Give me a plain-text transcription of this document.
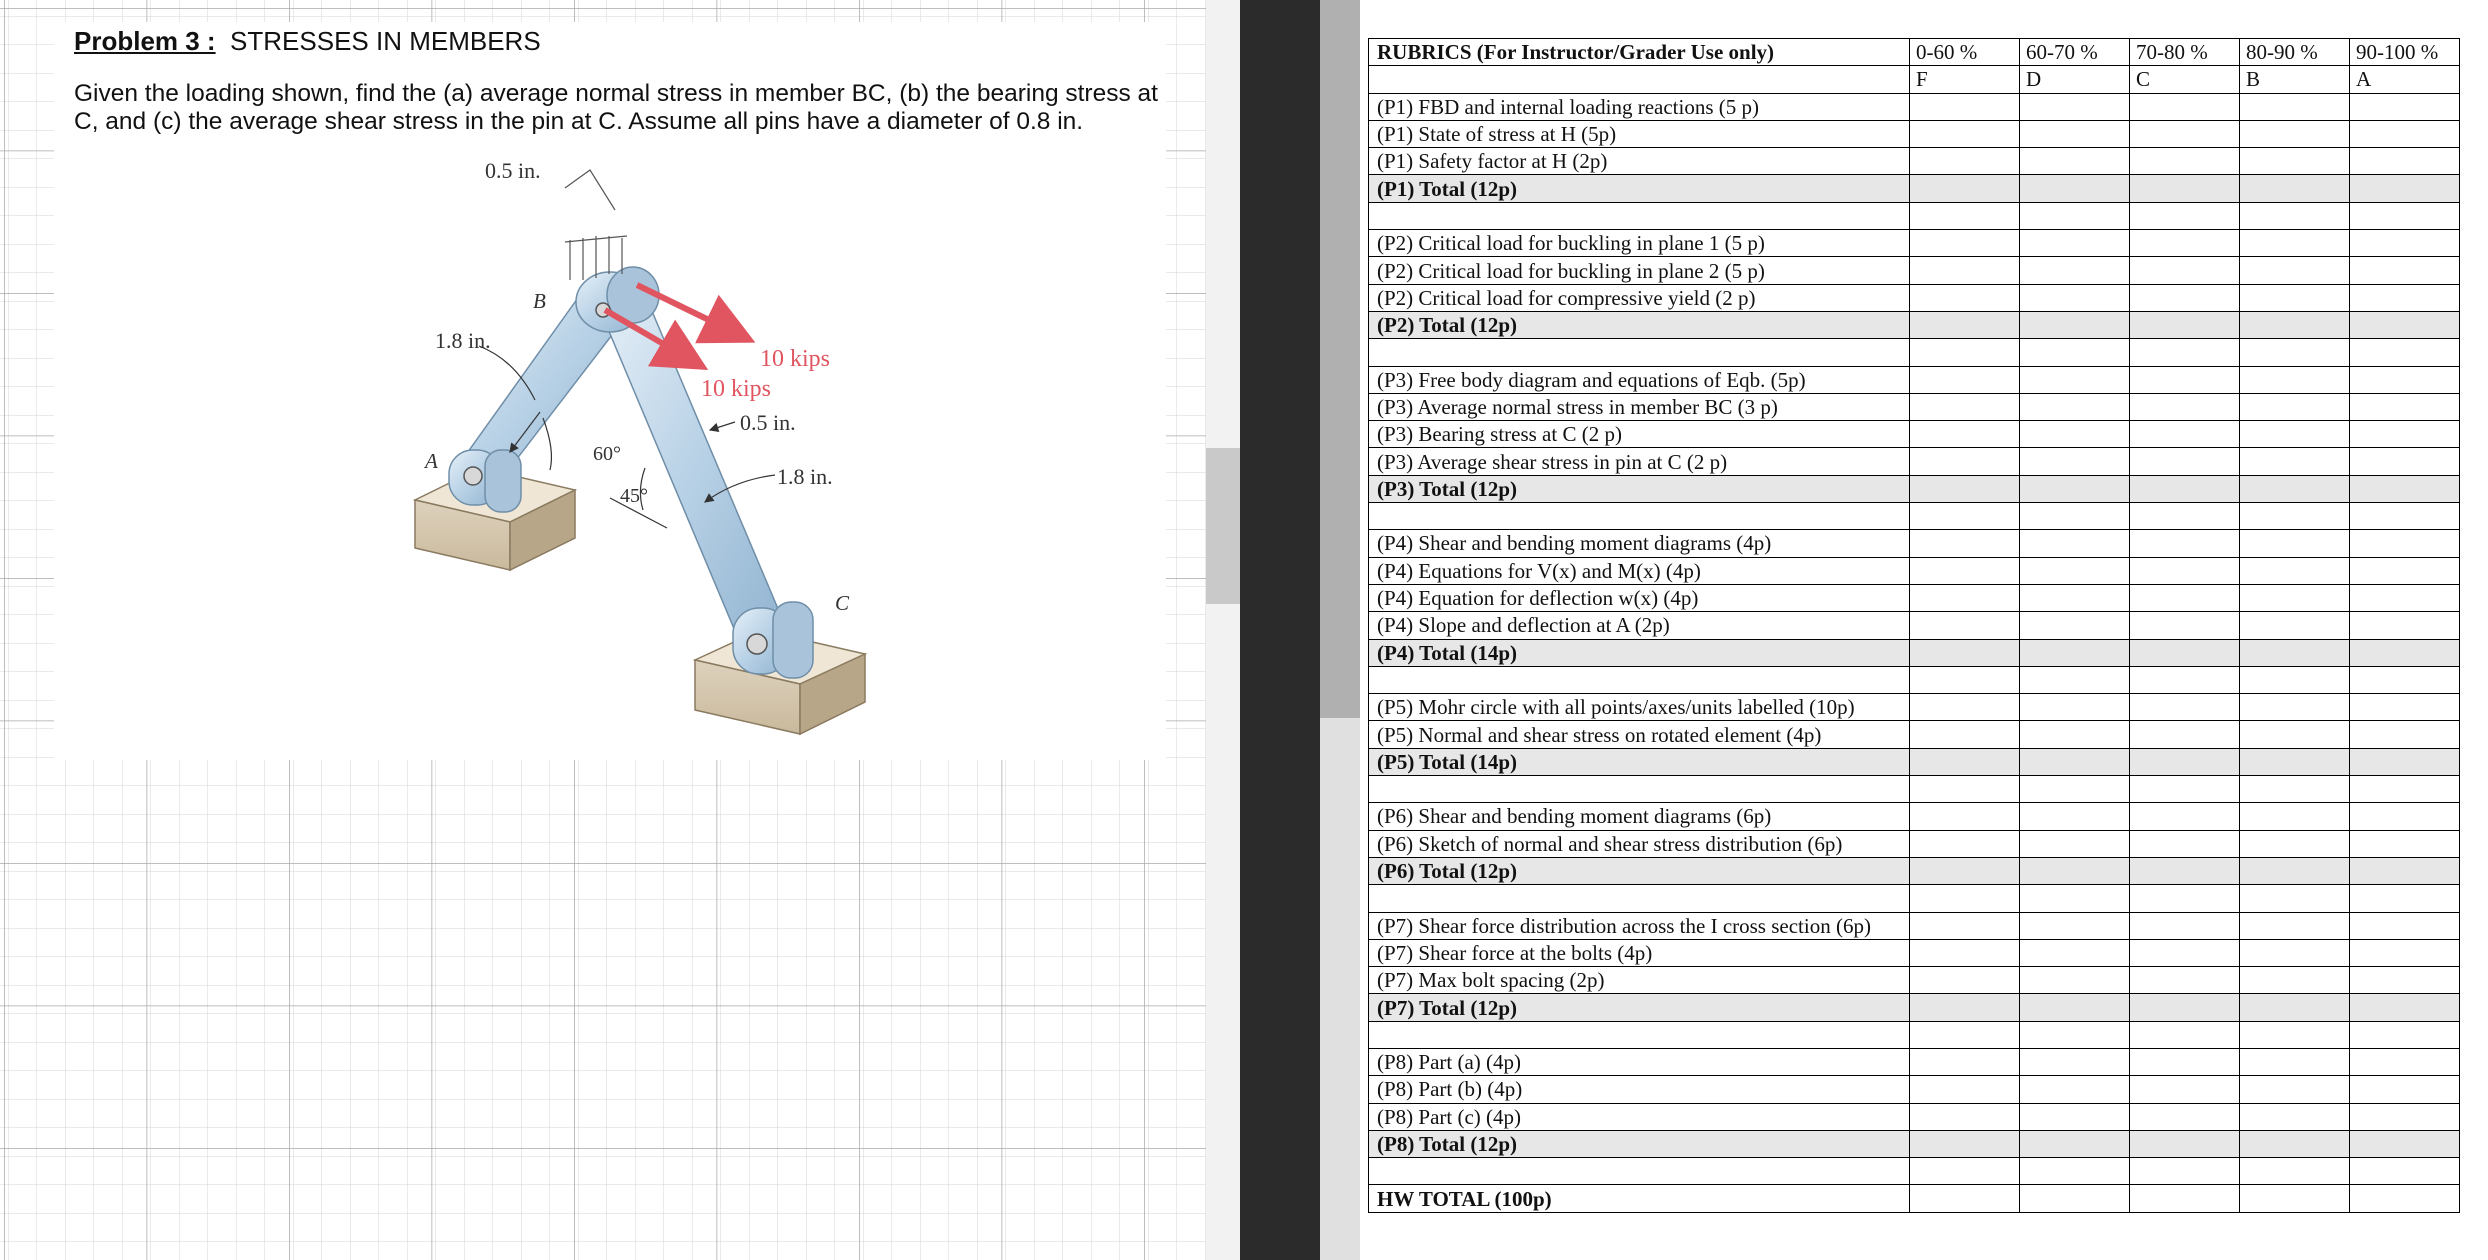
Problem 3 : STRESSES IN MEMBERS
Given the loading shown, find the (a) average normal stress in member BC, (b) the bearing stress at C, and (c) the average shear stress in the pin at C. Assume all pins have a diameter of 0.8 in.
0.5 in.
1.8 in.
B
A
C
10 kips
10 kips
0.5 in.
1.8 in.
60°
45°
RUBRICS (For Instructor/Grader Use only)	0-60 %	60-70 %	70-80 %	80-90 %	90-100 %
	F	D	C	B	A
(P1) FBD and internal loading reactions (5 p)					
(P1) State of stress at H (5p)					
(P1) Safety factor at H (2p)					
(P1) Total (12p)					

(P2) Critical load for buckling in plane 1 (5 p)					
(P2) Critical load for buckling in plane 2 (5 p)					
(P2) Critical load for compressive yield (2 p)					
(P2) Total (12p)					

(P3) Free body diagram and equations of Eqb. (5p)					
(P3) Average normal stress in member BC (3 p)					
(P3) Bearing stress at C (2 p)					
(P3) Average shear stress in pin at C (2 p)					
(P3) Total (12p)					

(P4) Shear and bending moment diagrams (4p)					
(P4) Equations for V(x) and M(x) (4p)					
(P4) Equation for deflection w(x) (4p)					
(P4) Slope and deflection at A (2p)					
(P4) Total (14p)					

(P5) Mohr circle with all points/axes/units labelled (10p)					
(P5) Normal and shear stress on rotated element (4p)					
(P5) Total (14p)					

(P6) Shear and bending moment diagrams (6p)					
(P6) Sketch of normal and shear stress distribution (6p)					
(P6) Total (12p)					

(P7) Shear force distribution across the I cross section (6p)					
(P7) Shear force at the bolts (4p)					
(P7) Max bolt spacing (2p)					
(P7) Total (12p)					

(P8) Part (a) (4p)					
(P8) Part (b) (4p)					
(P8) Part (c) (4p)					
(P8) Total (12p)					

HW TOTAL (100p)					
